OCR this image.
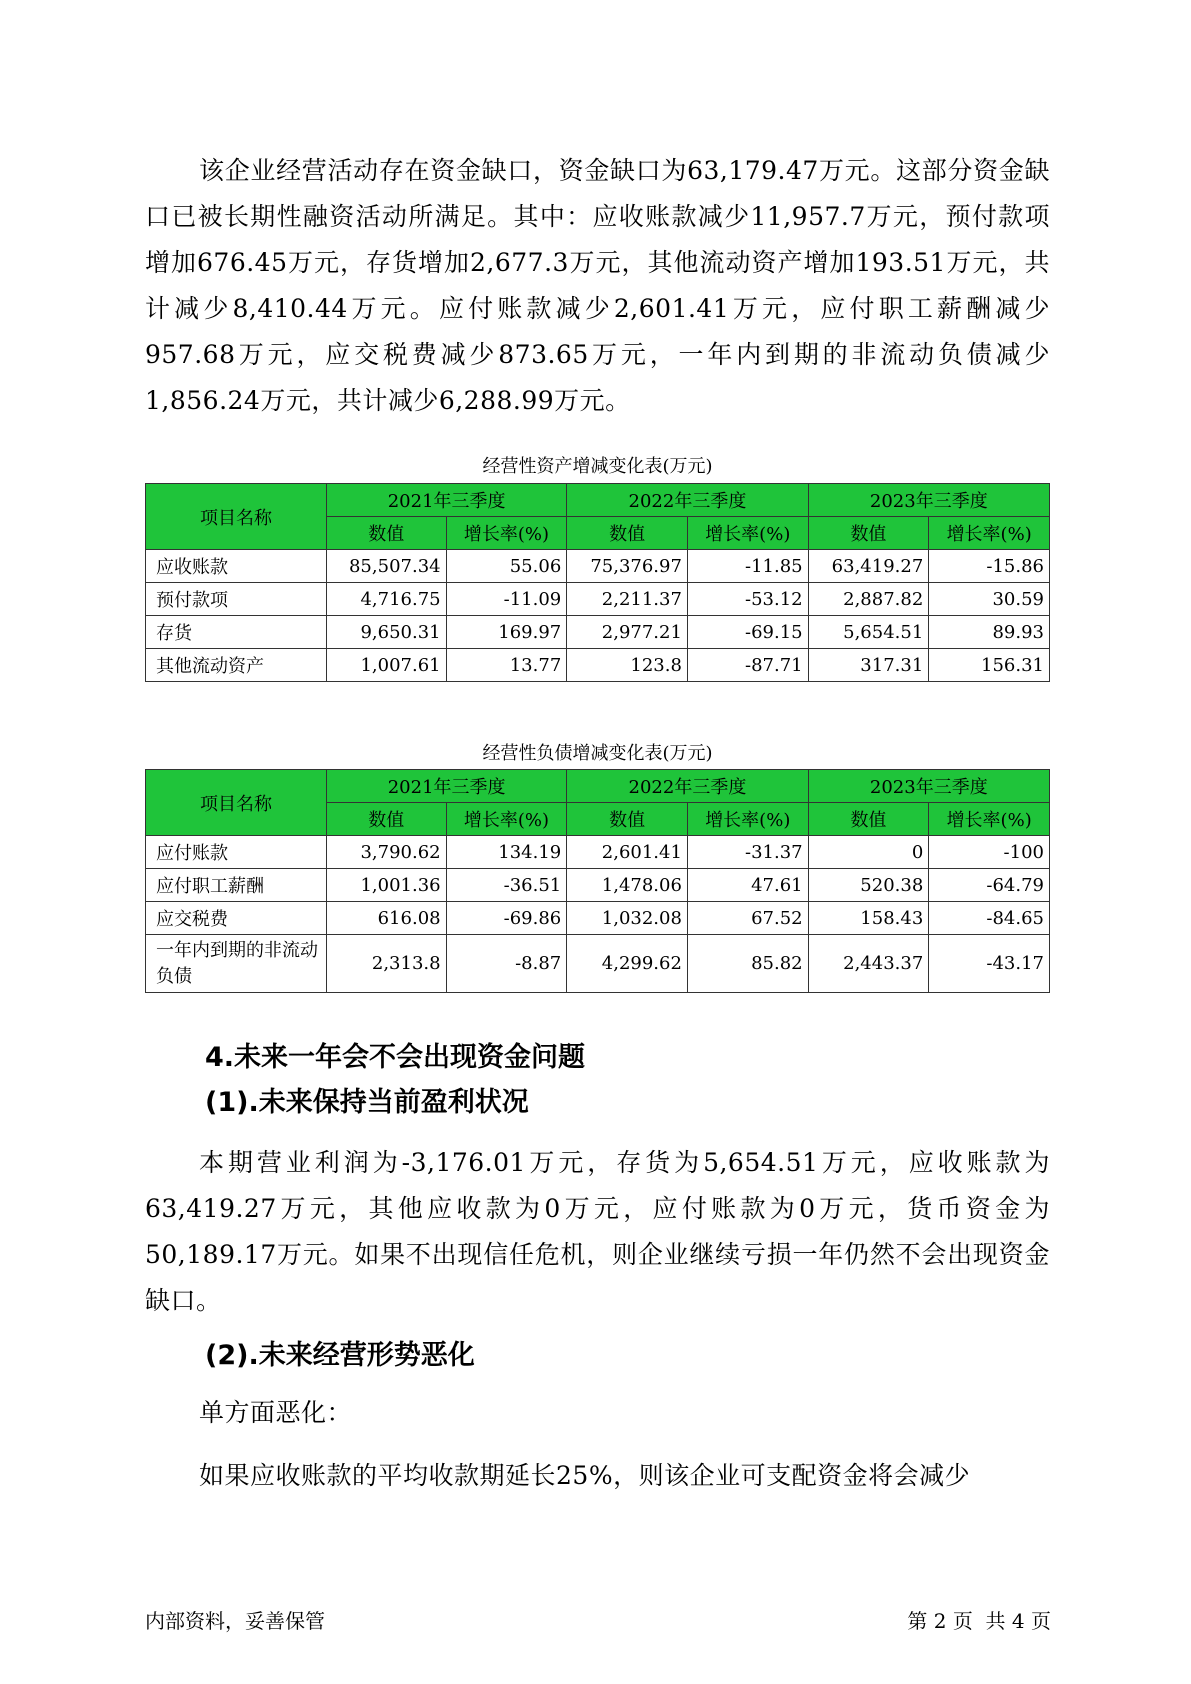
该企业经营活动存在资金缺口，资金缺口为63,179.47万元。这部分资金缺口已被长期性融资活动所满足。其中：应收账款减少11,957.7万元，预付款项增加676.45万元，存货增加2,677.3万元，其他流动资产增加193.51万元，共计减少8,410.44万元。应付账款减少2,601.41万元，应付职工薪酬减少957.68万元，应交税费减少873.65万元，一年内到期的非流动负债减少1,856.24万元，共计减少6,288.99万元。

经营性资产增减变化表(万元)
项目名称	2021年三季度		2022年三季度		2023年三季度	
	数值	增长率(%)	数值	增长率(%)	数值	增长率(%)
应收账款	85,507.34	55.06	75,376.97	-11.85	63,419.27	-15.86
预付款项	4,716.75	-11.09	2,211.37	-53.12	2,887.82	30.59
存货	9,650.31	169.97	2,977.21	-69.15	5,654.51	89.93
其他流动资产	1,007.61	13.77	123.8	-87.71	317.31	156.31
经营性负债增减变化表(万元)
项目名称	2021年三季度		2022年三季度		2023年三季度	
	数值	增长率(%)	数值	增长率(%)	数值	增长率(%)
应付账款	3,790.62	134.19	2,601.41	-31.37	0	-100
应付职工薪酬	1,001.36	-36.51	1,478.06	47.61	520.38	-64.79
应交税费	616.08	-69.86	1,032.08	67.52	158.43	-84.65
一年内到期的非流动负债	2,313.8	-8.87	4,299.62	85.82	2,443.37	-43.17
4.未来一年会不会出现资金问题
(1).未来保持当前盈利状况

本期营业利润为-3,176.01万元，存货为5,654.51万元，应收账款为63,419.27万元，其他应收款为0万元，应付账款为0万元，货币资金为50,189.17万元。如果不出现信任危机，则企业继续亏损一年仍然不会出现资金缺口。

(2).未来经营形势恶化

单方面恶化：

如果应收账款的平均收款期延长25%，则该企业可支配资金将会减少

内部资料，妥善保管	第 2 页  共 4 页
